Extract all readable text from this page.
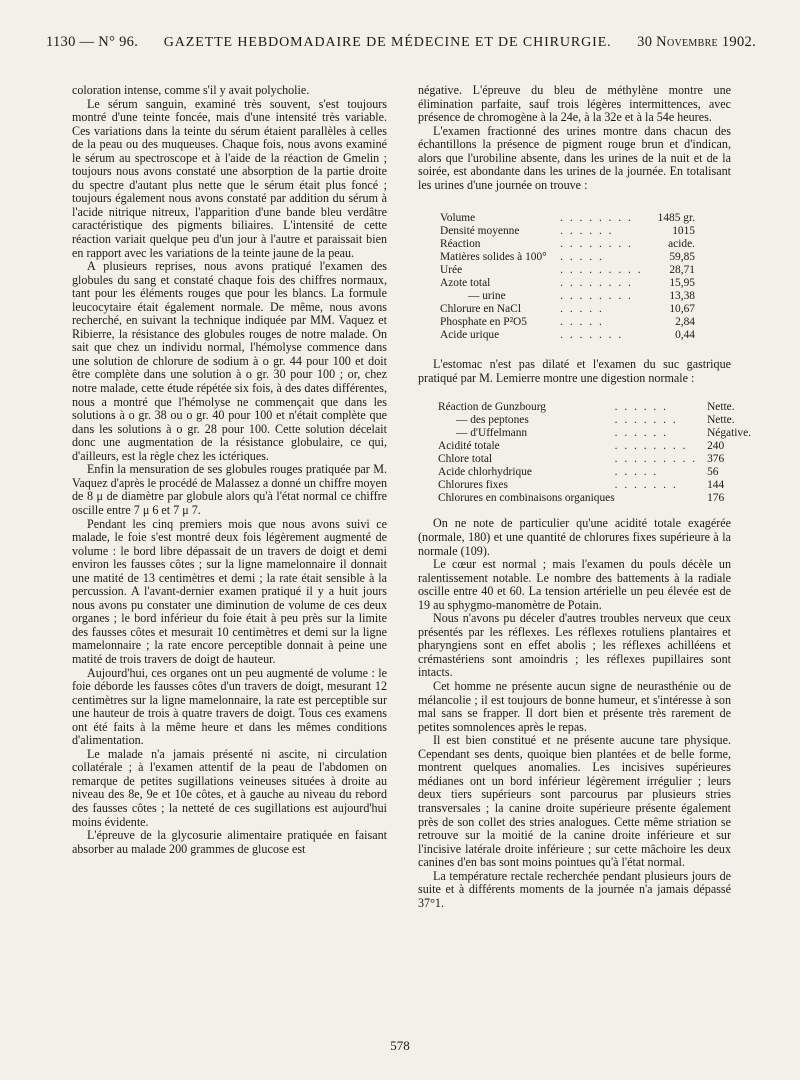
1130 — N° 96. GAZETTE HEBDOMADAIRE DE MÉDECINE ET DE CHIRURGIE. 30 Novembre 1902.

coloration intense, comme s'il y avait polycholie.

Le sérum sanguin, examiné très souvent, s'est toujours montré d'une teinte foncée, mais d'une intensité très variable. Ces variations dans la teinte du sérum étaient parallèles à celles de la peau ou des muqueuses. Chaque fois, nous avons examiné le sérum au spectroscope et à l'aide de la réaction de Gmelin ; toujours nous avons constaté une absorption de la partie droite du spectre d'autant plus nette que le sérum était plus foncé ; toujours également nous avons constaté par addition du sérum à l'acide nitrique nitreux, l'apparition d'une bande bleu verdâtre caractéristique des pigments biliaires. L'intensité de cette réaction variait quelque peu d'un jour à l'autre et paraissait bien en rapport avec les variations de la teinte jaune de la peau.

A plusieurs reprises, nous avons pratiqué l'examen des globules du sang et constaté chaque fois des chiffres normaux, tant pour les éléments rouges que pour les blancs. La formule leucocytaire était également normale. De même, nous avons recherché, en suivant la technique indiquée par MM. Vaquez et Ribierre, la résistance des globules rouges de notre malade. On sait que chez un individu normal, l'hémolyse commence dans une solution de chlorure de sodium à o gr. 44 pour 100 et doit être complète dans une solution à o gr. 30 pour 100 ; or, chez notre malade, cette étude répétée six fois, à des dates différentes, nous a montré que l'hémolyse ne commençait que dans les solutions à o gr. 38 ou o gr. 40 pour 100 et n'était complète que dans les solutions à o gr. 28 pour 100. Cette solution décelait donc une augmentation de la résistance globulaire, ce qui, d'ailleurs, est la règle chez les ictériques.

Enfin la mensuration de ses globules rouges pratiquée par M. Vaquez d'après le procédé de Malassez a donné un chiffre moyen de 8 μ de diamètre par globule alors qu'à l'état normal ce chiffre oscille entre 7 μ 6 et 7 μ 7.

Pendant les cinq premiers mois que nous avons suivi ce malade, le foie s'est montré deux fois légèrement augmenté de volume : le bord libre dépassait de un travers de doigt et demi environ les fausses côtes ; sur la ligne mamelonnaire il donnait une matité de 13 centimètres et demi ; la rate était sensible à la percussion. A l'avant-dernier examen pratiqué il y a huit jours nous avons pu constater une diminution de volume de ces deux organes ; le bord inférieur du foie était à peu près sur la limite des fausses côtes et mesurait 10 centimètres et demi sur la ligne mamelonnaire ; la rate encore perceptible donnait à peine une matité de trois travers de doigt de hauteur.

Aujourd'hui, ces organes ont un peu augmenté de volume : le foie déborde les fausses côtes d'un travers de doigt, mesurant 12 centimètres sur la ligne mamelonnaire, la rate est perceptible sur une hauteur de trois à quatre travers de doigt. Tous ces examens ont été faits à la même heure et dans les mêmes conditions d'alimentation.

Le malade n'a jamais présenté ni ascite, ni circulation collatérale ; à l'examen attentif de la peau de l'abdomen on remarque de petites sugillations veineuses situées à droite au niveau des 8e, 9e et 10e côtes, et à gauche au niveau du rebord des fausses côtes ; la netteté de ces sugillations est aujourd'hui moins évidente.

L'épreuve de la glycosurie alimentaire pratiquée en faisant absorber au malade 200 grammes de glucose est

négative. L'épreuve du bleu de méthylène montre une élimination parfaite, sauf trois légères intermittences, avec présence de chromogène à la 24e, à la 32e et à la 54e heures.

L'examen fractionné des urines montre dans chacun des échantillons la présence de pigment rouge brun et d'indican, alors que l'urobiline absente, dans les urines de la nuit et de la soirée, est abondante dans les urines de la journée. En totalisant les urines d'une journée on trouve :

Volume	. . . . . . . .	1485 gr.
Densité moyenne	. . . . . .	1015
Réaction	. . . . . . . .	acide.
Matières solides à 100°	. . . . .	59,85
Urée	. . . . . . . . .	28,71
Azote total	. . . . . . . .	15,95
— urine	. . . . . . . .	13,38
Chlorure en NaCl	. . . . .	10,67
Phosphate en P²O5	. . . . .	2,84
Acide urique	. . . . . . .	0,44

L'estomac n'est pas dilaté et l'examen du suc gastrique pratiqué par M. Lemierre montre une digestion normale :

Réaction de Gunzbourg	. . . . . .	Nette.
— des peptones	. . . . . . .	Nette.
— d'Uffelmann	. . . . . .	Négative.
Acidité totale	. . . . . . . .	240
Chlore total	. . . . . . . . .	376
Acide chlorhydrique	. . . . .	56
Chlorures fixes	. . . . . . .	144
Chlorures en combinaisons organiques		176

On ne note de particulier qu'une acidité totale exagérée (normale, 180) et une quantité de chlorures fixes supérieure à la normale (109).

Le cœur est normal ; mais l'examen du pouls décèle un ralentissement notable. Le nombre des battements à la radiale oscille entre 40 et 60. La tension artérielle un peu élevée est de 19 au sphygmo-manomètre de Potain.

Nous n'avons pu déceler d'autres troubles nerveux que ceux présentés par les réflexes. Les réflexes rotuliens plantaires et pharyngiens sont en effet abolis ; les réflexes achilléens et crémastériens sont amoindris ; les réflexes pupillaires sont intacts.

Cet homme ne présente aucun signe de neurasthénie ou de mélancolie ; il est toujours de bonne humeur, et s'intéresse à son mal sans se frapper. Il dort bien et présente très rarement de petites somnolences après le repas.

Il est bien constitué et ne présente aucune tare physique. Cependant ses dents, quoique bien plantées et de belle forme, montrent quelques anomalies. Les incisives supérieures médianes ont un bord inférieur légèrement irrégulier ; leurs deux tiers supérieurs sont parcourus par plusieurs stries transversales ; la canine droite supérieure présente également près de son collet des stries analogues. Cette même striation se retrouve sur la moitié de la canine droite inférieure et sur l'incisive latérale droite inférieure ; sur cette mâchoire les deux canines d'en bas sont moins pointues qu'à l'état normal.

La température rectale recherchée pendant plusieurs jours de suite et à différents moments de la journée n'a jamais dépassé 37°1.

578
